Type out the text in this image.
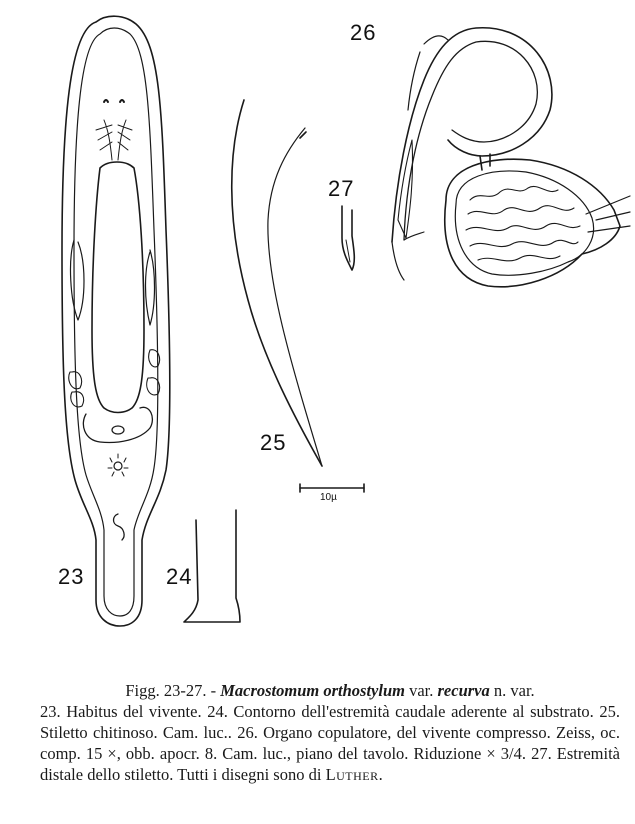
26
27
25
10µ
23	24

Figg. 23-27. - Macrostomum orthostylum var. recurva n. var.

23. Habitus del vivente. 24. Contorno dell'estremità caudale aderente al substrato. 25. Stiletto chitinoso. Cam. luc.. 26. Organo copulatore, del vivente compresso. Zeiss, oc. comp. 15 ×, obb. apocr. 8. Cam. luc., piano del tavolo. Riduzione × 3/4. 27. Estremità distale dello stiletto. Tutti i disegni sono di Luther.
